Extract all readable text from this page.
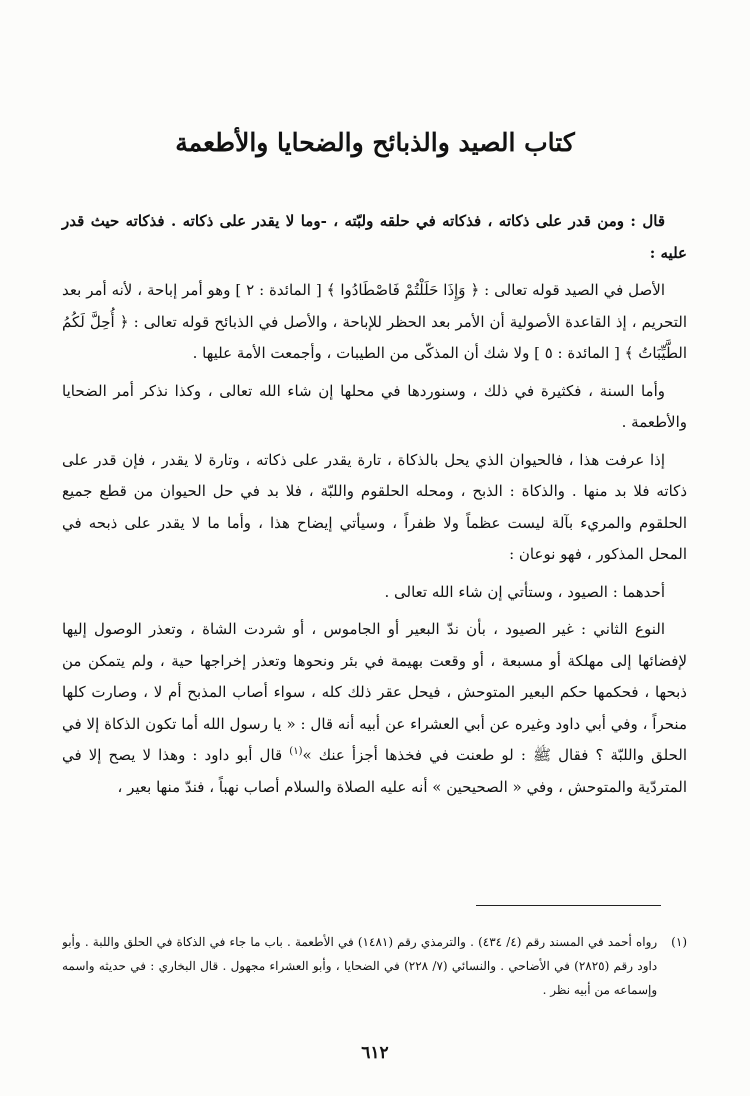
كتاب الصيد والذبائح والضحايا والأطعمة

قال : ومن قدر على ذكاته ، فذكاته في حلقه ولبّته ، -وما لا يقدر على ذكاته . فذكاته حيث قدر عليه :

الأصل في الصيد قوله تعالى : ﴿ وَإِذَا حَلَلْتُمْ فَاصْطَادُوا ﴾ [ المائدة : ٢ ] وهو أمر إباحة ، لأنه أمر بعد التحريم ، إذ القاعدة الأصولية أن الأمر بعد الحظر للإباحة ، والأصل في الذبائح قوله تعالى : ﴿ أُحِلَّ لَكُمُ الطَّيِّبَاتُ ﴾ [ المائدة : ٥ ] ولا شك أن المذكّى من الطيبات ، وأجمعت الأمة عليها .

وأما السنة ، فكثيرة في ذلك ، وسنوردها في محلها إن شاء الله تعالى ، وكذا نذكر أمر الضحايا والأطعمة .

إذا عرفت هذا ، فالحيوان الذي يحل بالذكاة ، تارة يقدر على ذكاته ، وتارة لا يقدر ، فإن قدر على ذكاته فلا بد منها . والذكاة : الذبح ، ومحله الحلقوم واللبّة ، فلا بد في حل الحيوان من قطع جميع الحلقوم والمريء بآلة ليست عظماً ولا ظفراً ، وسيأتي إيضاح هذا ، وأما ما لا يقدر على ذبحه في المحل المذكور ، فهو نوعان :

أحدهما : الصيود ، وستأتي إن شاء الله تعالى .

النوع الثاني : غير الصيود ، بأن ندّ البعير أو الجاموس ، أو شردت الشاة ، وتعذر الوصول إليها لإفضائها إلى مهلكة أو مسبعة ، أو وقعت بهيمة في بئر ونحوها وتعذر إخراجها حية ، ولم يتمكن من ذبحها ، فحكمها حكم البعير المتوحش ، فيحل عقر ذلك كله ، سواء أصاب المذبح أم لا ، وصارت كلها منحراً ، وفي أبي داود وغيره عن أبي العشراء عن أبيه أنه قال : « يا رسول الله أما تكون الذكاة إلا في الحلق واللبّة ؟ فقال ﷺ : لو طعنت في فخذها أجزأ عنك »$^{(١)}$ قال أبو داود : وهذا لا يصح إلا في المتردّية والمتوحش ، وفي « الصحيحين » أنه عليه الصلاة والسلام أصاب نهباً ، فندّ منها بعير ،

(١)
رواه أحمد في المسند رقم (٤/ ٤٣٤) . والترمذي رقم (١٤٨١) في الأطعمة . باب ما جاء في الذكاة في الحلق واللبة . وأبو داود رقم (٢٨٢٥) في الأضاحي . والنسائي (٧/ ٢٢٨) في الضحايا ، وأبو العشراء مجهول . قال البخاري : في حديثه واسمه وإسماعه من أبيه نظر .
٦١٢
